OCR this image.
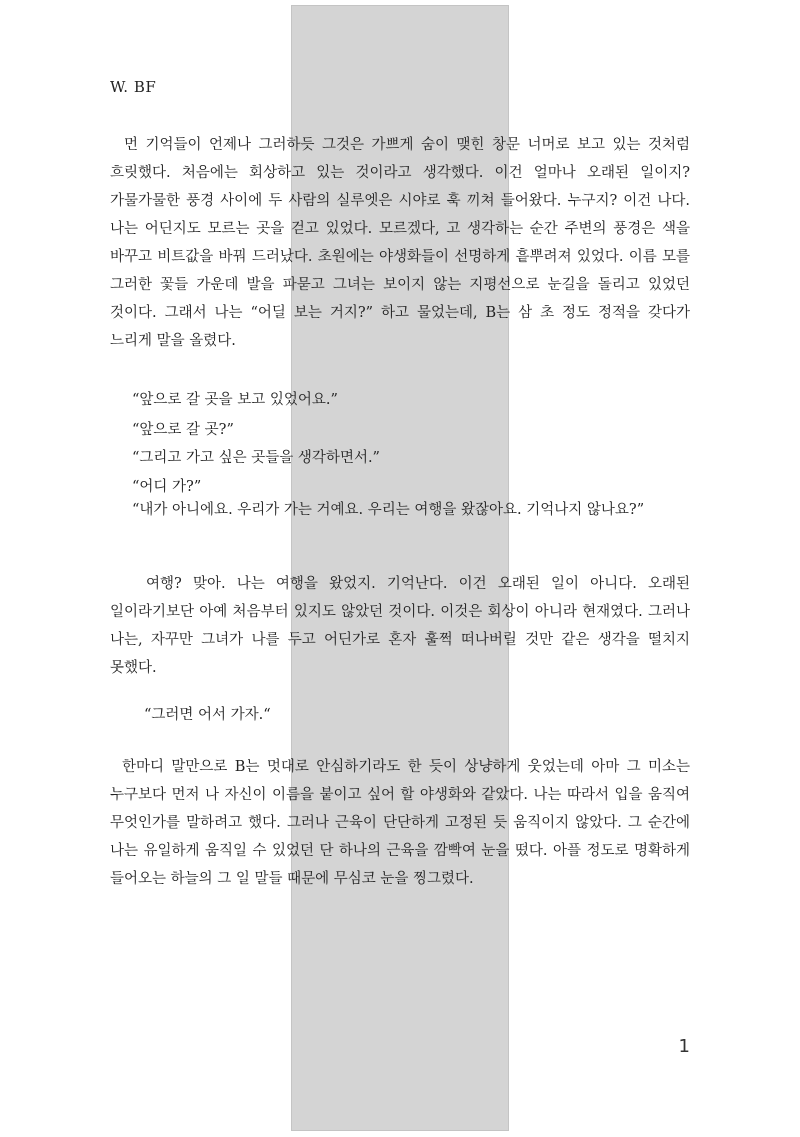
W. BF
먼 기억들이 언제나 그러하듯 그것은 가쁘게 숨이 맺힌 창문 너머로 보고 있는 것처럼 흐릿했다. 처음에는 회상하고 있는 것이라고 생각했다. 이건 얼마나 오래된 일이지? 가물가물한 풍경 사이에 두 사람의 실루엣은 시야로 훅 끼쳐 들어왔다. 누구지? 이건 나다. 나는 어딘지도 모르는 곳을 걷고 있었다. 모르겠다, 고 생각하는 순간 주변의 풍경은 색을 바꾸고 비트값을 바꿔 드러났다. 초원에는 야생화들이 선명하게 흩뿌려져 있었다. 이름 모를 그러한 꽃들 가운데 발을 파묻고 그녀는 보이지 않는 지평선으로 눈길을 돌리고 있었던 것이다. 그래서 나는 “어딜 보는 거지?” 하고 물었는데, B는 삼 초 정도 정적을 갖다가 느리게 말을 올렸다.
“앞으로 갈 곳을 보고 있었어요.”
“앞으로 갈 곳?”
“그리고 가고 싶은 곳들을 생각하면서.”
“어디 가?”
“내가 아니에요. 우리가 가는 거예요. 우리는 여행을 왔잖아요. 기억나지 않나요?”
여행? 맞아. 나는 여행을 왔었지. 기억난다. 이건 오래된 일이 아니다. 오래된 일이라기보단 아예 처음부터 있지도 않았던 것이다. 이것은 회상이 아니라 현재였다. 그러나 나는, 자꾸만 그녀가 나를 두고 어딘가로 혼자 훌쩍 떠나버릴 것만 같은 생각을 떨치지 못했다.
“그러면 어서 가자.“
한마디 말만으로 B는 멋대로 안심하기라도 한 듯이 상냥하게 웃었는데 아마 그 미소는 누구보다 먼저 나 자신이 이름을 붙이고 싶어 할 야생화와 같았다. 나는 따라서 입을 움직여 무엇인가를 말하려고 했다. 그러나 근육이 단단하게 고정된 듯 움직이지 않았다. 그 순간에 나는 유일하게 움직일 수 있었던 단 하나의 근육을 깜빡여 눈을 떴다. 아플 정도로 명확하게 들어오는 하늘의 그 일 말들 때문에 무심코 눈을 찡그렸다.
1
